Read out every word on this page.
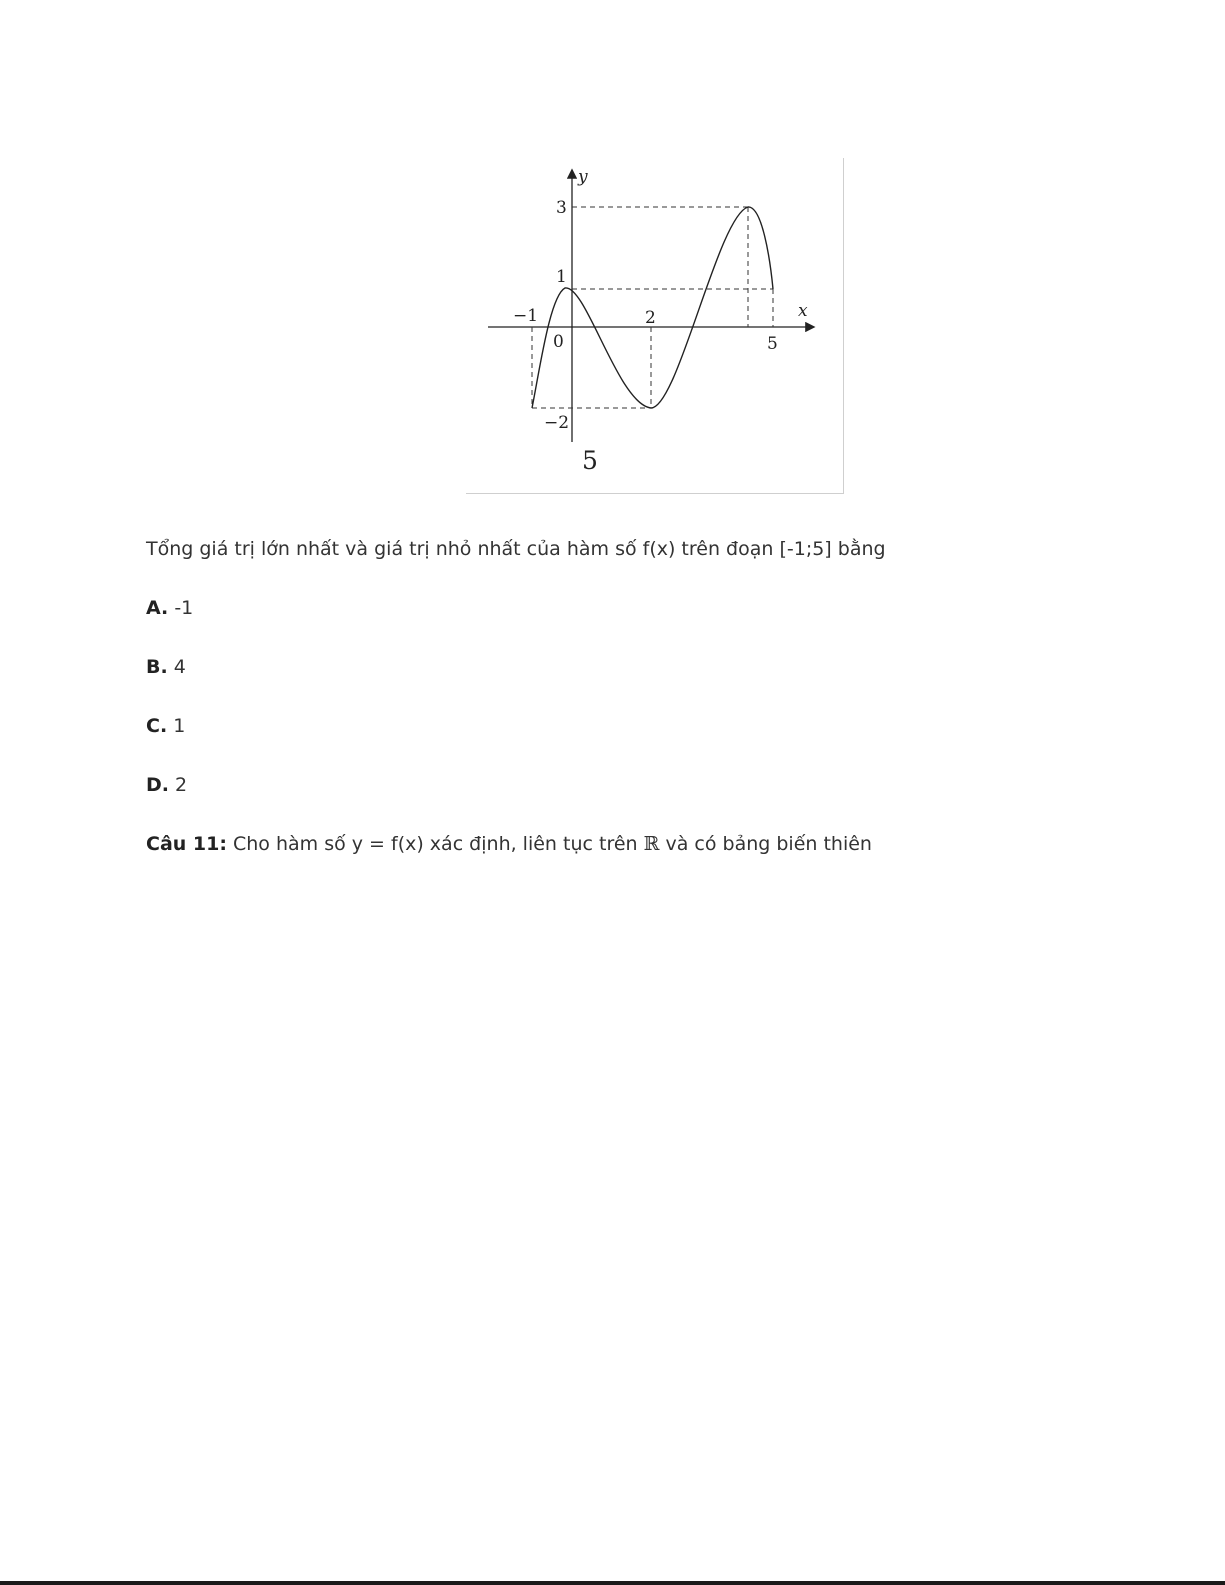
y
x
0
−1	2
5
3
1
−2
5
Tổng giá trị lớn nhất và giá trị nhỏ nhất của hàm số f(x) trên đoạn [-1;5] bằng
A. -1
B. 4
C. 1
D. 2
Câu 11: Cho hàm số y = f(x) xác định, liên tục trên ℝ và có bảng biến thiên
